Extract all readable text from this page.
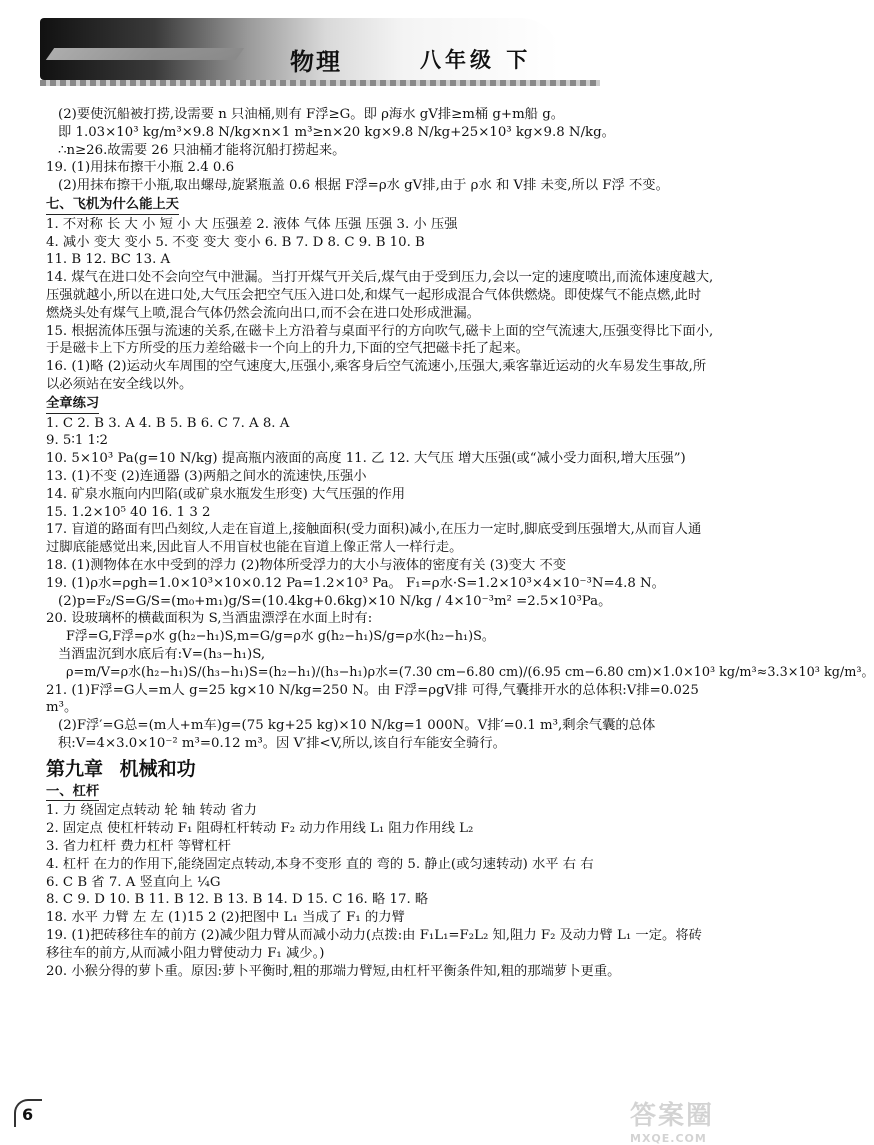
物理	八年级 下
(2)要使沉船被打捞,设需要 n 只油桶,则有 F浮≥G。即 ρ海水 gV排≥m桶 g+m船 g。
即 1.03×10³ kg/m³×9.8 N/kg×n×1 m³≥n×20 kg×9.8 N/kg+25×10³ kg×9.8 N/kg。
∴n≥26.故需要 26 只油桶才能将沉船打捞起来。
19. (1)用抹布擦干小瓶 2.4 0.6
(2)用抹布擦干小瓶,取出螺母,旋紧瓶盖 0.6 根据 F浮=ρ水 gV排,由于 ρ水 和 V排 未变,所以 F浮 不变。
七、飞机为什么能上天
1. 不对称 长 大 小 短 小 大 压强差 2. 液体 气体 压强 压强 3. 小 压强
4. 减小 变大 变小 5. 不变 变大 变小 6. B 7. D 8. C 9. B 10. B
11. B 12. BC 13. A
14. 煤气在进口处不会向空气中泄漏。当打开煤气开关后,煤气由于受到压力,会以一定的速度喷出,而流体速度越大,压强就越小,所以在进口处,大气压会把空气压入进口处,和煤气一起形成混合气体供燃烧。即使煤气不能点燃,此时燃烧头处有煤气上喷,混合气体仍然会流向出口,而不会在进口处形成泄漏。
15. 根据流体压强与流速的关系,在磁卡上方沿着与桌面平行的方向吹气,磁卡上面的空气流速大,压强变得比下面小,于是磁卡上下方所受的压力差给磁卡一个向上的升力,下面的空气把磁卡托了起来。
16. (1)略 (2)运动火车周围的空气速度大,压强小,乘客身后空气流速小,压强大,乘客靠近运动的火车易发生事故,所以必须站在安全线以外。
全章练习
1. C 2. B 3. A 4. B 5. B 6. C 7. A 8. A
9. 5∶1 1∶2
10. 5×10³ Pa(g=10 N/kg) 提高瓶内液面的高度 11. 乙 12. 大气压 增大压强(或“减小受力面积,增大压强”)
13. (1)不变 (2)连通器 (3)两船之间水的流速快,压强小
14. 矿泉水瓶向内凹陷(或矿泉水瓶发生形变) 大气压强的作用
15. 1.2×10⁵ 40 16. 1 3 2
17. 盲道的路面有凹凸刻纹,人走在盲道上,接触面积(受力面积)减小,在压力一定时,脚底受到压强增大,从而盲人通过脚底能感觉出来,因此盲人不用盲杖也能在盲道上像正常人一样行走。
18. (1)测物体在水中受到的浮力 (2)物体所受浮力的大小与液体的密度有关 (3)变大 不变
19. (1)ρ水=ρgh=1.0×10³×10×0.12 Pa=1.2×10³ Pa。 F₁=ρ水·S=1.2×10³×4×10⁻³N=4.8 N。
(2)p=F₂/S=G/S=(m₀+m₁)g/S=(10.4kg+0.6kg)×10 N/kg / 4×10⁻³m² =2.5×10³Pa。
20. 设玻璃杯的横截面积为 S,当酒盅漂浮在水面上时有:
F浮=G,F浮=ρ水 g(h₂−h₁)S,m=G/g=ρ水 g(h₂−h₁)S/g=ρ水(h₂−h₁)S。
当酒盅沉到水底后有:V=(h₃−h₁)S,
ρ=m/V=ρ水(h₂−h₁)S/(h₃−h₁)S=(h₂−h₁)/(h₃−h₁)ρ水=(7.30 cm−6.80 cm)/(6.95 cm−6.80 cm)×1.0×10³ kg/m³≈3.3×10³ kg/m³。
21. (1)F浮=G人=m人 g=25 kg×10 N/kg=250 N。由 F浮=ρgV排 可得,气囊排开水的总体积:V排=0.025 m³。
(2)F浮′=G总=(m人+m车)g=(75 kg+25 kg)×10 N/kg=1 000N。V排′=0.1 m³,剩余气囊的总体积:V=4×3.0×10⁻² m³=0.12 m³。因 V′排<V,所以,该自行车能安全骑行。
第九章 机械和功
一、杠杆
1. 力 绕固定点转动 轮 轴 转动 省力
2. 固定点 使杠杆转动 F₁ 阻碍杠杆转动 F₂ 动力作用线 L₁ 阻力作用线 L₂
3. 省力杠杆 费力杠杆 等臂杠杆
4. 杠杆 在力的作用下,能绕固定点转动,本身不变形 直的 弯的 5. 静止(或匀速转动) 水平 右 右
6. C B 省 7. A 竖直向上 ¼G
8. C 9. D 10. B 11. B 12. B 13. B 14. D 15. C 16. 略 17. 略
18. 水平 力臂 左 左 (1)15 2 (2)把图中 L₁ 当成了 F₁ 的力臂
19. (1)把砖移往车的前方 (2)减少阻力臂从而减小动力(点拨:由 F₁L₁=F₂L₂ 知,阻力 F₂ 及动力臂 L₁ 一定。将砖移往车的前方,从而减小阻力臂使动力 F₁ 减少。)
20. 小猴分得的萝卜重。原因:萝卜平衡时,粗的那端力臂短,由杠杆平衡条件知,粗的那端萝卜更重。
6	答案圈
MXQE.COM
